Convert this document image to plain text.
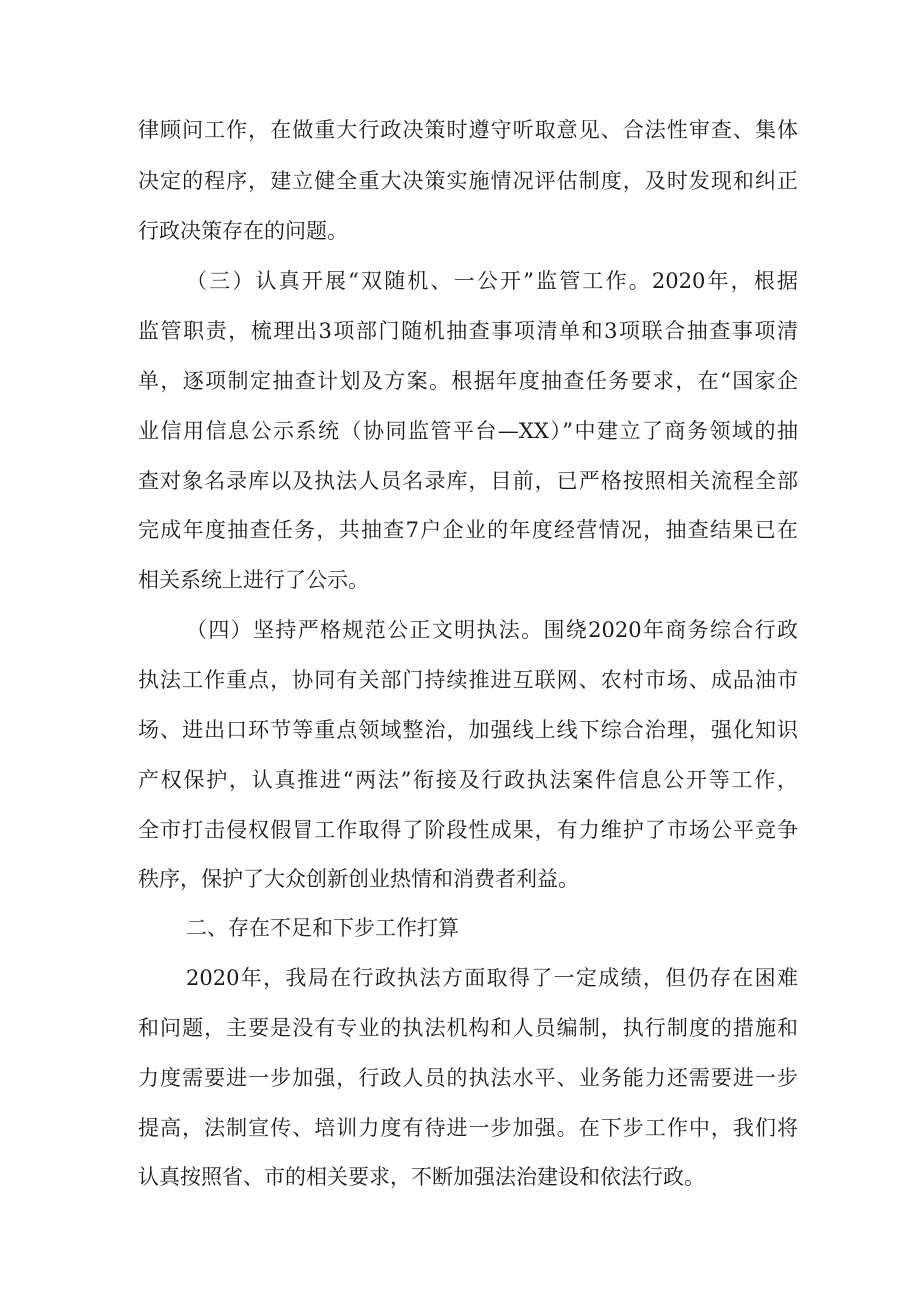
律顾问工作，在做重大行政决策时遵守听取意见、合法性审查、集体
决定的程序，建立健全重大决策实施情况评估制度，及时发现和纠正
行政决策存在的问题。
（三）认真开展“双随机、一公开”监管工作。2020年，根据
监管职责，梳理出3项部门随机抽查事项清单和3项联合抽查事项清
单，逐项制定抽查计划及方案。根据年度抽查任务要求，在“国家企
业信用信息公示系统（协同监管平台—XX）”中建立了商务领域的抽
查对象名录库以及执法人员名录库，目前，已严格按照相关流程全部
完成年度抽查任务，共抽查7户企业的年度经营情况，抽查结果已在
相关系统上进行了公示。
（四）坚持严格规范公正文明执法。围绕2020年商务综合行政
执法工作重点，协同有关部门持续推进互联网、农村市场、成品油市
场、进出口环节等重点领域整治，加强线上线下综合治理，强化知识
产权保护，认真推进“两法”衔接及行政执法案件信息公开等工作，
全市打击侵权假冒工作取得了阶段性成果，有力维护了市场公平竞争
秩序，保护了大众创新创业热情和消费者利益。
二、存在不足和下步工作打算
2020年，我局在行政执法方面取得了一定成绩，但仍存在困难
和问题，主要是没有专业的执法机构和人员编制，执行制度的措施和
力度需要进一步加强，行政人员的执法水平、业务能力还需要进一步
提高，法制宣传、培训力度有待进一步加强。在下步工作中，我们将
认真按照省、市的相关要求，不断加强法治建设和依法行政。
